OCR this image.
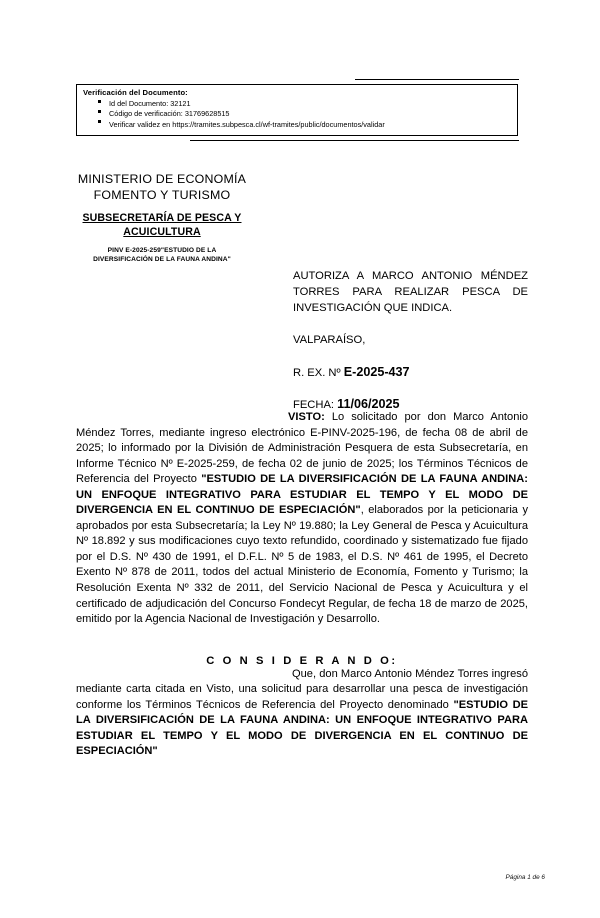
Verificación del Documento:
Id del Documento: 32121
Código de verificación: 31769628515
Verificar validez en https://tramites.subpesca.cl/wf-tramites/public/documentos/validar
MINISTERIO DE ECONOMÍA
FOMENTO Y TURISMO
SUBSECRETARÍA DE PESCA Y
ACUICULTURA
PINV E-2025-259"ESTUDIO DE LA
DIVERSIFICACIÓN DE LA FAUNA ANDINA"
AUTORIZA A MARCO ANTONIO MÉNDEZ TORRES PARA REALIZAR PESCA DE INVESTIGACIÓN QUE INDICA.
VALPARAÍSO,
R. EX. Nº E-2025-437
FECHA: 11/06/2025

VISTO: Lo solicitado por don Marco Antonio Méndez Torres, mediante ingreso electrónico E-PINV-2025-196, de fecha 08 de abril de 2025; lo informado por la División de Administración Pesquera de esta Subsecretaría, en Informe Técnico Nº E-2025-259, de fecha 02 de junio de 2025; los Términos Técnicos de Referencia del Proyecto "ESTUDIO DE LA DIVERSIFICACIÓN DE LA FAUNA ANDINA: UN ENFOQUE INTEGRATIVO PARA ESTUDIAR EL TEMPO Y EL MODO DE DIVERGENCIA EN EL CONTINUO DE ESPECIACIÓN", elaborados por la peticionaria y aprobados por esta Subsecretaría; la Ley Nº 19.880; la Ley General de Pesca y Acuicultura Nº 18.892 y sus modificaciones cuyo texto refundido, coordinado y sistematizado fue fijado por el D.S. Nº 430 de 1991, el D.F.L. Nº 5 de 1983, el D.S. Nº 461 de 1995, el Decreto Exento Nº 878 de 2011, todos del actual Ministerio de Economía, Fomento y Turismo; la Resolución Exenta Nº 332 de 2011, del Servicio Nacional de Pesca y Acuicultura y el certificado de adjudicación del Concurso Fondecyt Regular, de fecha 18 de marzo de 2025, emitido por la Agencia Nacional de Investigación y Desarrollo.

C O N S I D E R A N D O:

Que, don Marco Antonio Méndez Torres ingresó mediante carta citada en Visto, una solicitud para desarrollar una pesca de investigación conforme los Términos Técnicos de Referencia del Proyecto denominado "ESTUDIO DE LA DIVERSIFICACIÓN DE LA FAUNA ANDINA: UN ENFOQUE INTEGRATIVO PARA ESTUDIAR EL TEMPO Y EL MODO DE DIVERGENCIA EN EL CONTINUO DE ESPECIACIÓN"

Página 1 de 6
